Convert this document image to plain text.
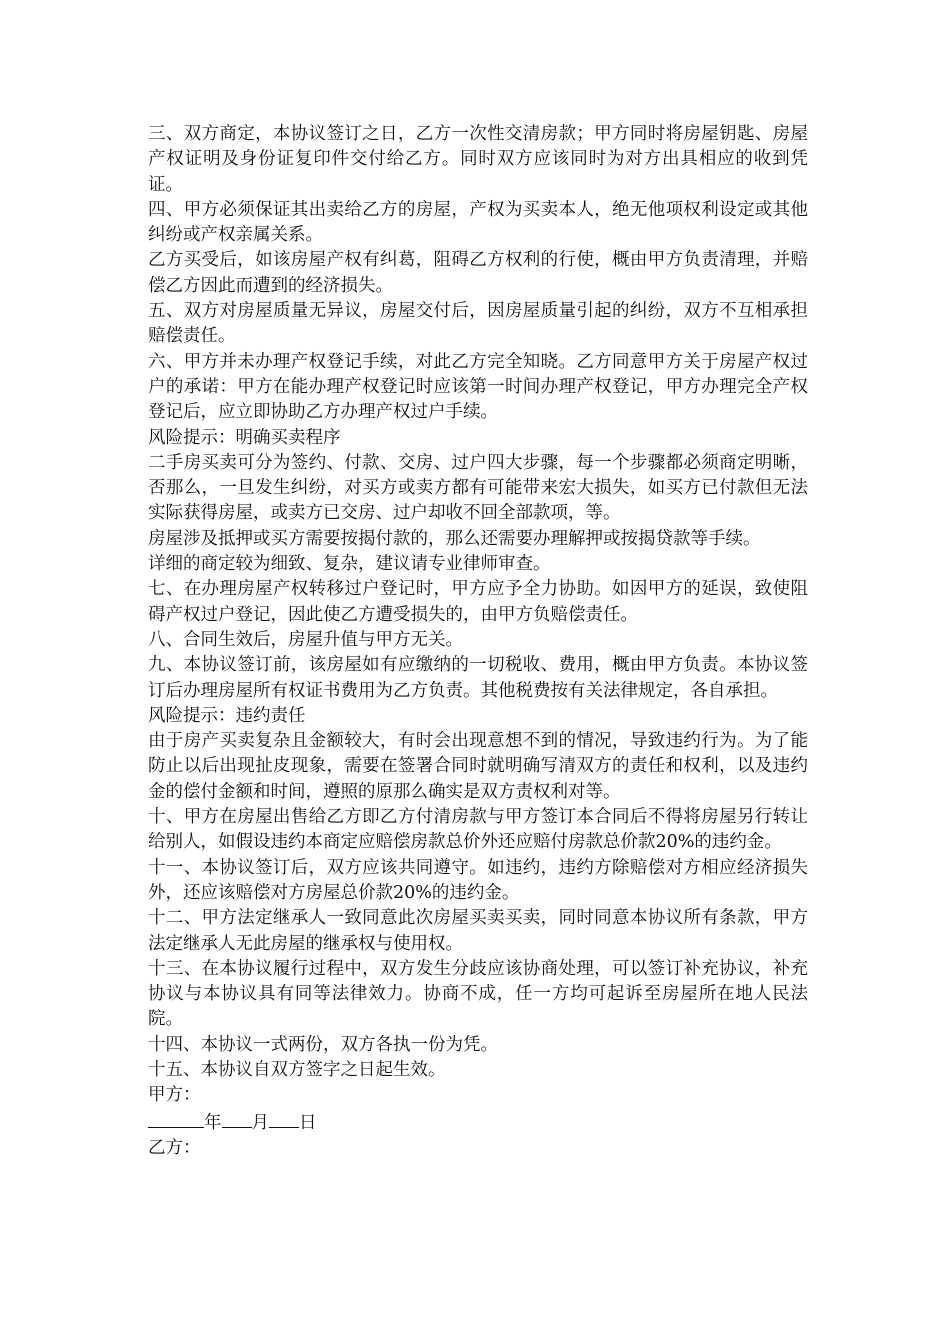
三、双方商定，本协议签订之日，乙方一次性交清房款；甲方同时将房屋钥匙、房屋产权证明及身份证复印件交付给乙方。同时双方应该同时为对方出具相应的收到凭证。

四、甲方必须保证其出卖给乙方的房屋，产权为买卖本人，绝无他项权利设定或其他纠纷或产权亲属关系。

乙方买受后，如该房屋产权有纠葛，阻碍乙方权利的行使，概由甲方负责清理，并赔偿乙方因此而遭到的经济损失。

五、双方对房屋质量无异议，房屋交付后，因房屋质量引起的纠纷，双方不互相承担赔偿责任。

六、甲方并未办理产权登记手续，对此乙方完全知晓。乙方同意甲方关于房屋产权过户的承诺：甲方在能办理产权登记时应该第一时间办理产权登记，甲方办理完全产权登记后，应立即协助乙方办理产权过户手续。

风险提示：明确买卖程序

二手房买卖可分为签约、付款、交房、过户四大步骤，每一个步骤都必须商定明晰，否那么，一旦发生纠纷，对买方或卖方都有可能带来宏大损失，如买方已付款但无法实际获得房屋，或卖方已交房、过户却收不回全部款项，等。

房屋涉及抵押或买方需要按揭付款的，那么还需要办理解押或按揭贷款等手续。

详细的商定较为细致、复杂，建议请专业律师审查。

七、在办理房屋产权转移过户登记时，甲方应予全力协助。如因甲方的延误，致使阻碍产权过户登记，因此使乙方遭受损失的，由甲方负赔偿责任。

八、合同生效后，房屋升值与甲方无关。

九、本协议签订前，该房屋如有应缴纳的一切税收、费用，概由甲方负责。本协议签订后办理房屋所有权证书费用为乙方负责。其他税费按有关法律规定，各自承担。

风险提示：违约责任

由于房产买卖复杂且金额较大，有时会出现意想不到的情况，导致违约行为。为了能防止以后出现扯皮现象，需要在签署合同时就明确写清双方的责任和权利，以及违约金的偿付金额和时间，遵照的原那么确实是双方责权利对等。

十、甲方在房屋出售给乙方即乙方付清房款与甲方签订本合同后不得将房屋另行转让给别人，如假设违约本商定应赔偿房款总价外还应赔付房款总价款20%的违约金。

十一、本协议签订后，双方应该共同遵守。如违约，违约方除赔偿对方相应经济损失外，还应该赔偿对方房屋总价款20%的违约金。

十二、甲方法定继承人一致同意此次房屋买卖买卖，同时同意本协议所有条款，甲方法定继承人无此房屋的继承权与使用权。

十三、在本协议履行过程中，双方发生分歧应该协商处理，可以签订补充协议，补充协议与本协议具有同等法律效力。协商不成，任一方均可起诉至房屋所在地人民法院。

十四、本协议一式两份，双方各执一份为凭。

十五、本协议自双方签字之日起生效。

甲方：

年 月 日

乙方：
